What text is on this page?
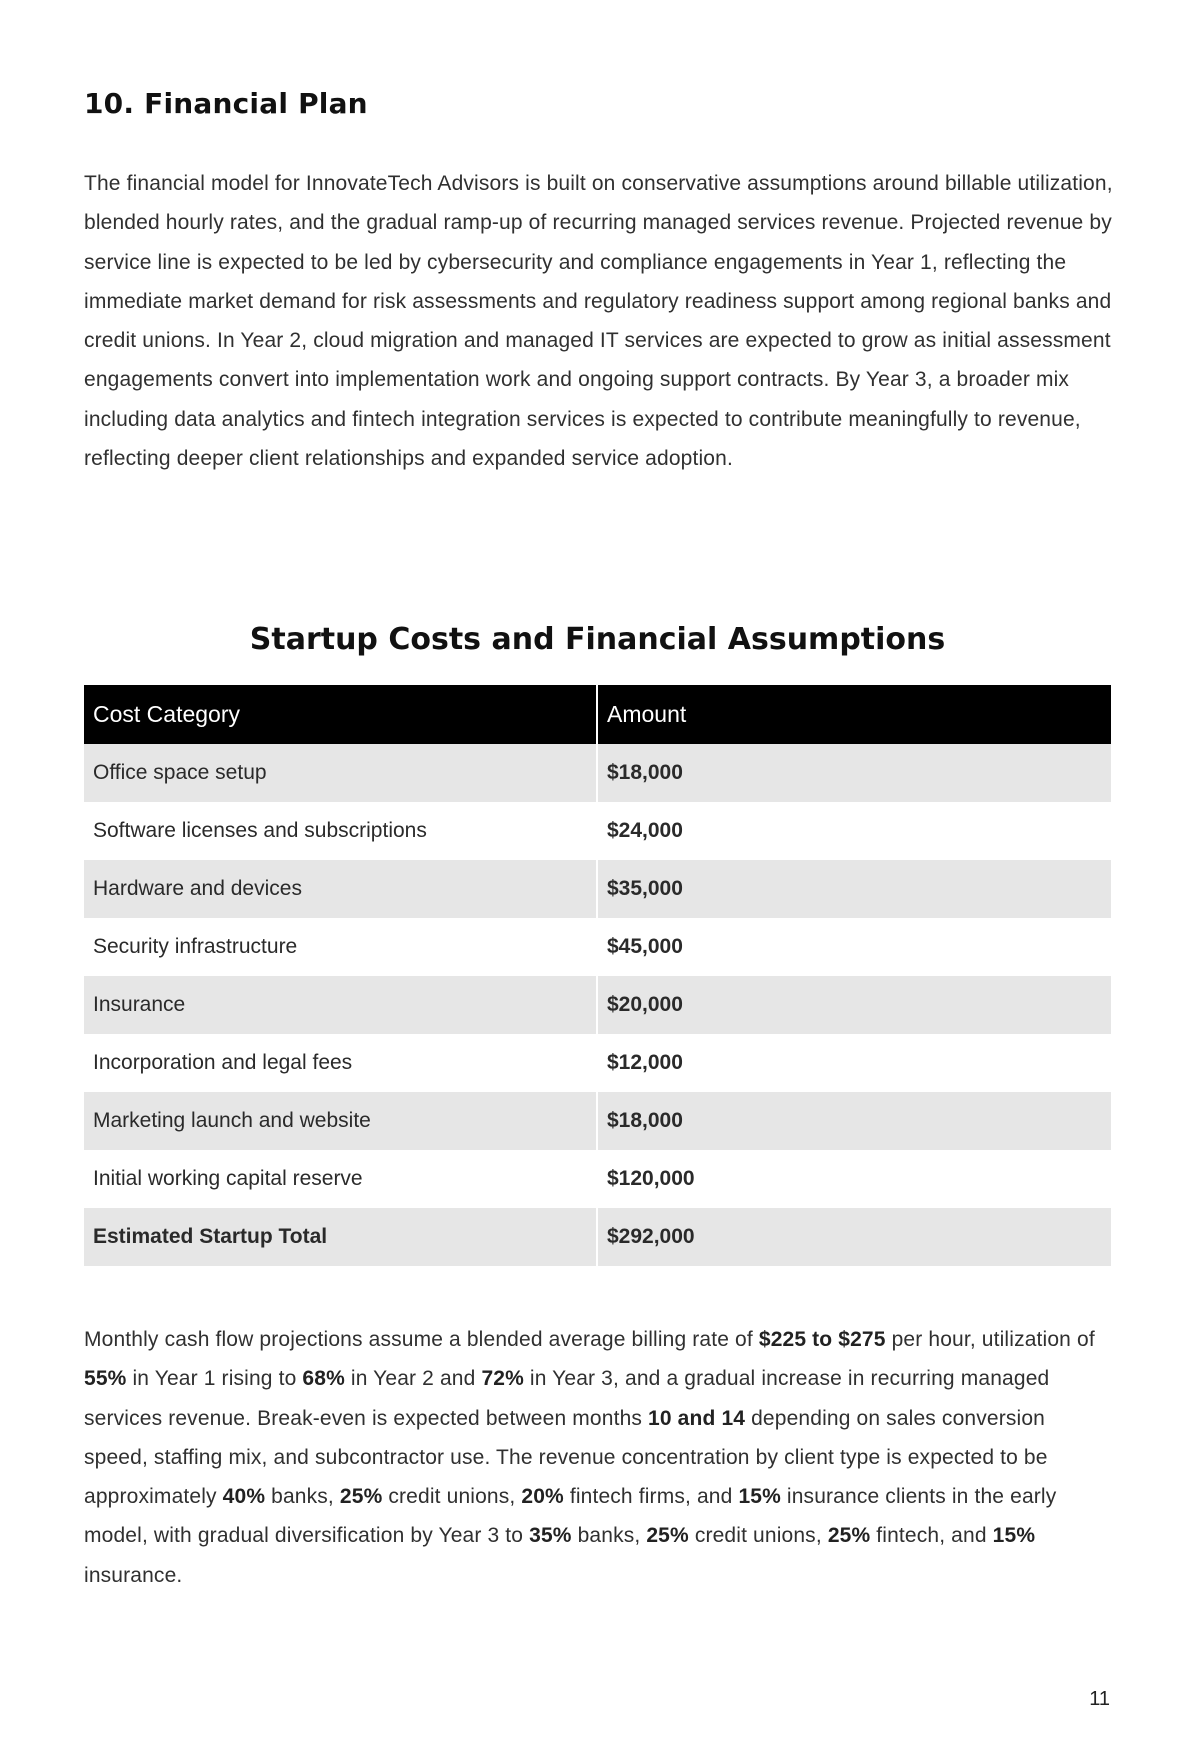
10. Financial Plan

The financial model for InnovateTech Advisors is built on conservative assumptions around billable utilization, blended hourly rates, and the gradual ramp-up of recurring managed services revenue. Projected revenue by service line is expected to be led by cybersecurity and compliance engagements in Year 1, reflecting the immediate market demand for risk assessments and regulatory readiness support among regional banks and credit unions. In Year 2, cloud migration and managed IT services are expected to grow as initial assessment engagements convert into implementation work and ongoing support contracts. By Year 3, a broader mix including data analytics and fintech integration services is expected to contribute meaningfully to revenue, reflecting deeper client relationships and expanded service adoption.

Startup Costs and Financial Assumptions
Cost Category	Amount
Office space setup	$18,000
Software licenses and subscriptions	$24,000
Hardware and devices	$35,000
Security infrastructure	$45,000
Insurance	$20,000
Incorporation and legal fees	$12,000
Marketing launch and website	$18,000
Initial working capital reserve	$120,000
Estimated Startup Total	$292,000

Monthly cash flow projections assume a blended average billing rate of $225 to $275 per hour, utilization of 55% in Year 1 rising to 68% in Year 2 and 72% in Year 3, and a gradual increase in recurring managed services revenue. Break-even is expected between months 10 and 14 depending on sales conversion speed, staffing mix, and subcontractor use. The revenue concentration by client type is expected to be approximately 40% banks, 25% credit unions, 20% fintech firms, and 15% insurance clients in the early model, with gradual diversification by Year 3 to 35% banks, 25% credit unions, 25% fintech, and 15% insurance.

11
